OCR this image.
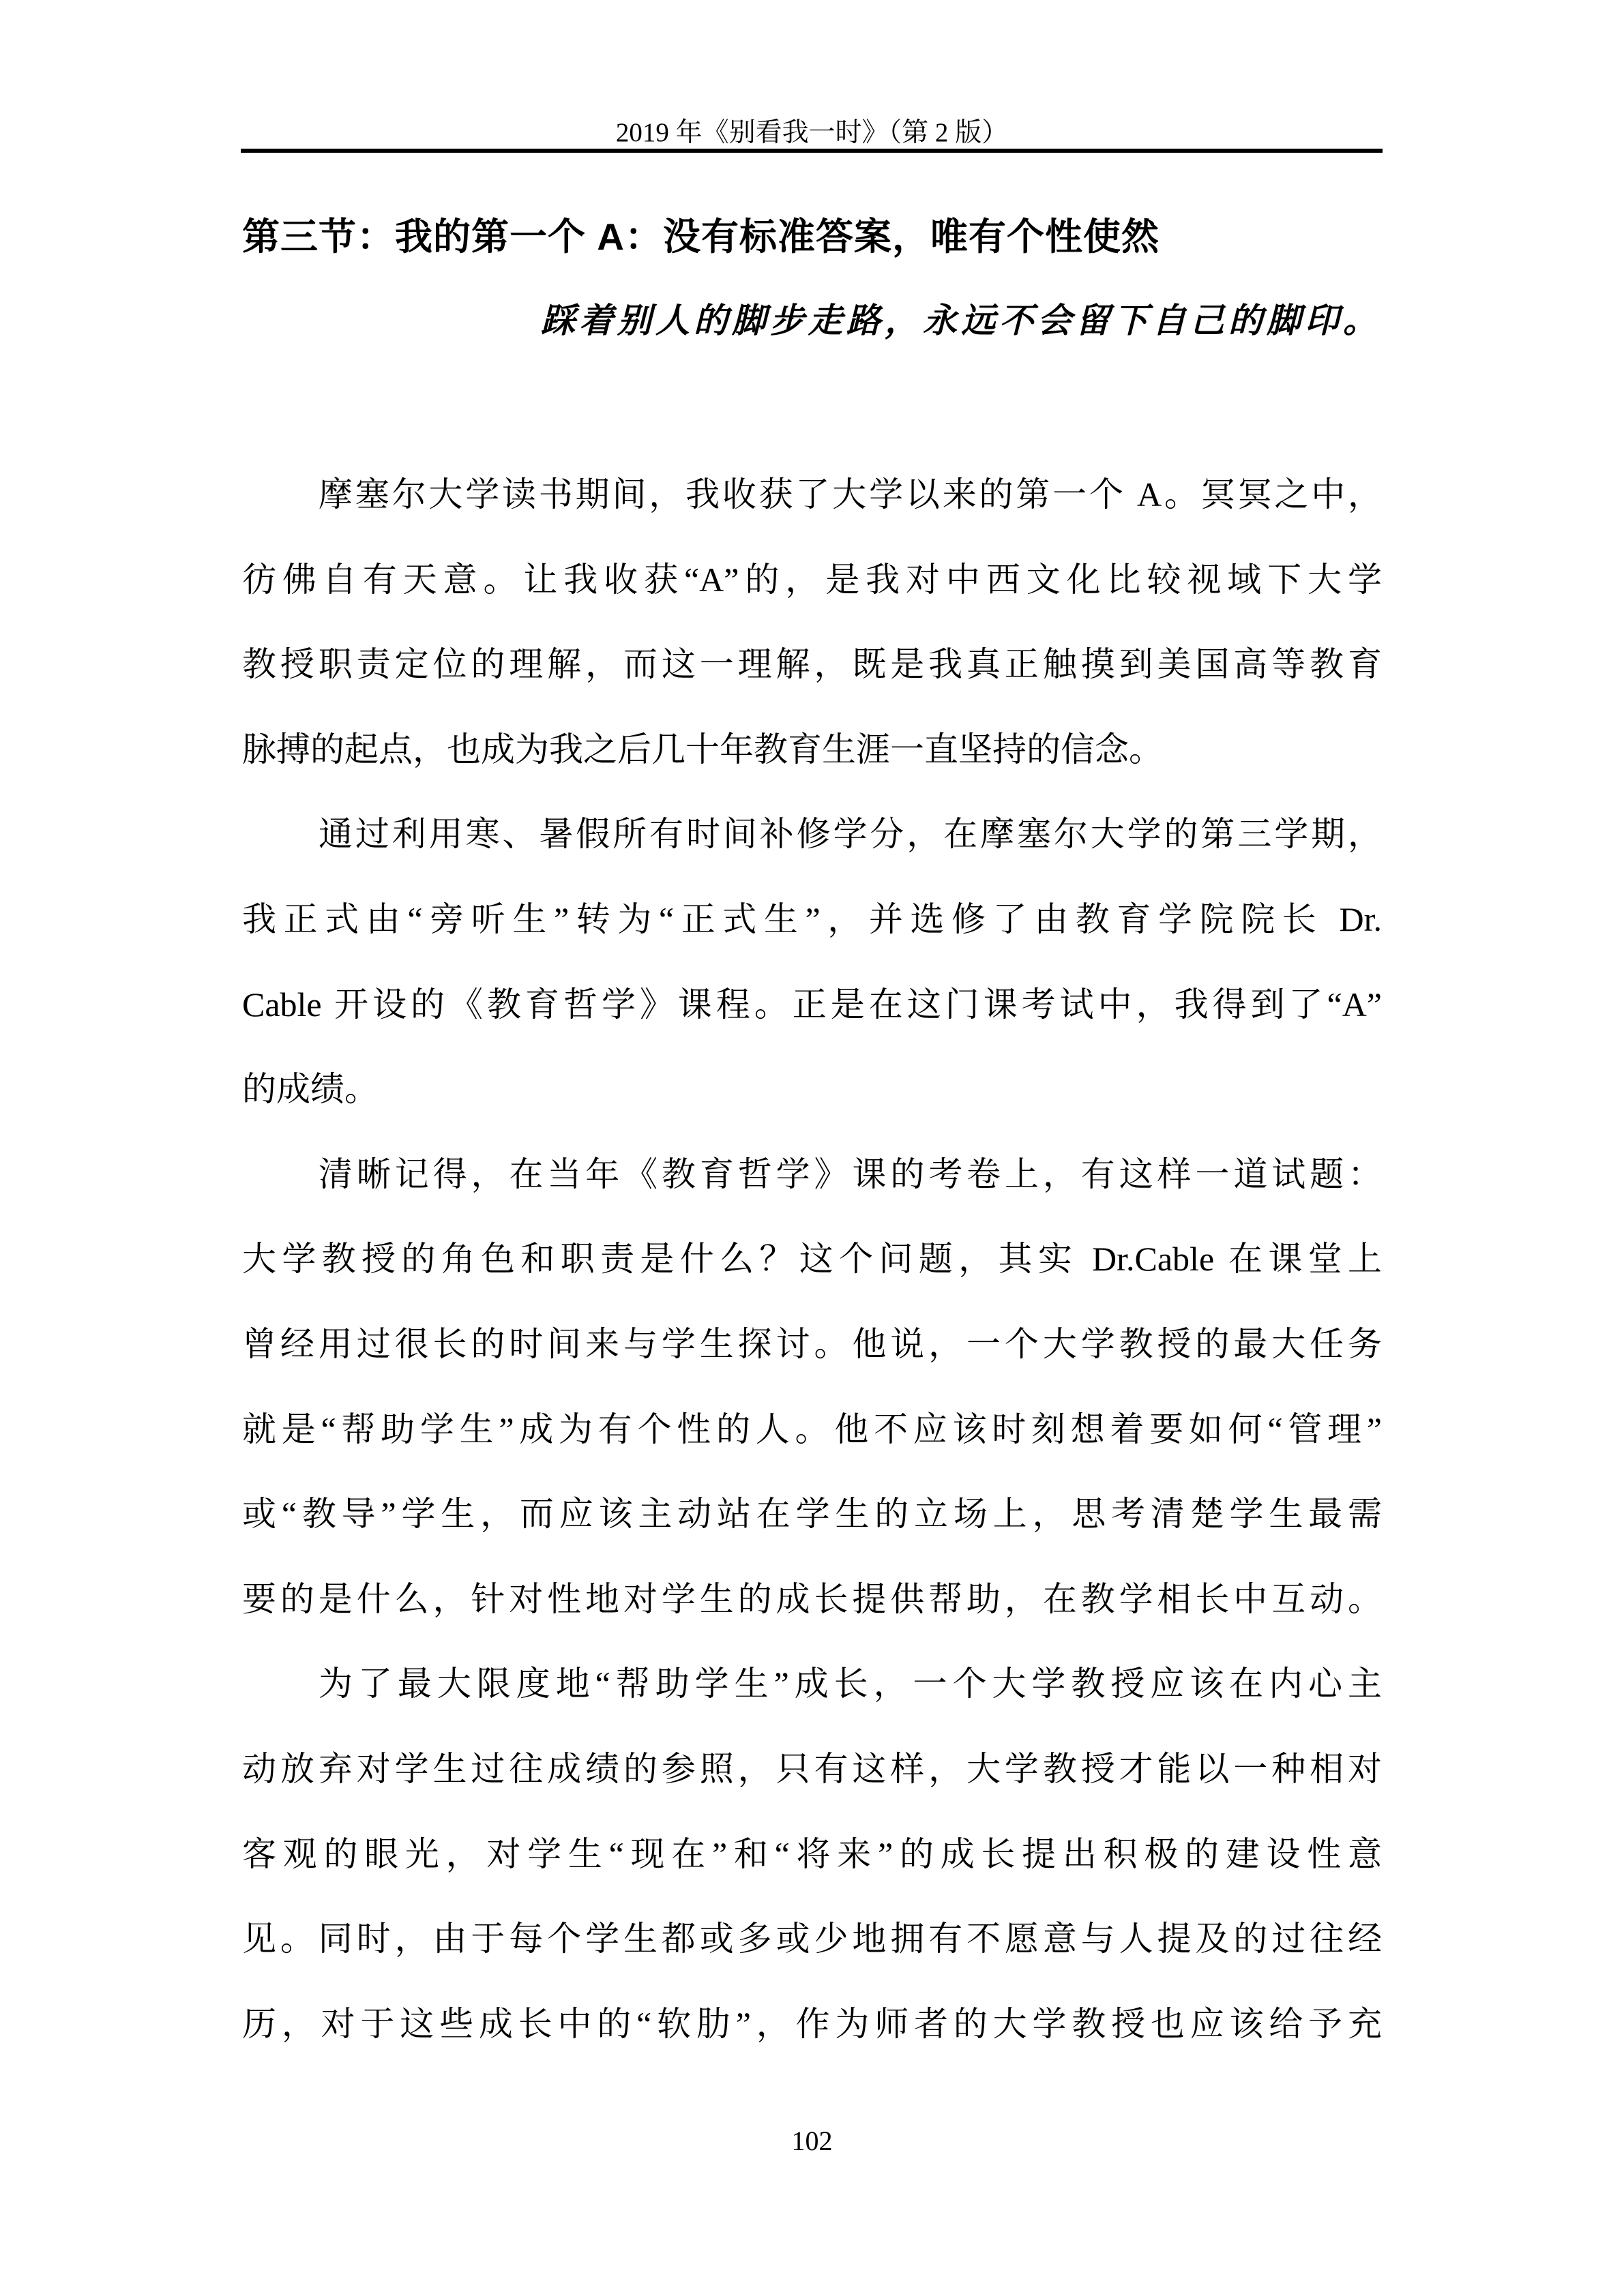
2019 年《别看我一时》（第 2 版）
第三节：我的第一个 A：没有标准答案，唯有个性使然
踩着别人的脚步走路，永远不会留下自己的脚印。
摩塞尔大学读书期间，我收获了大学以来的第一个 A。冥冥之中，
彷佛自有天意。让我收获“A”的，是我对中西文化比较视域下大学
教授职责定位的理解，而这一理解，既是我真正触摸到美国高等教育
脉搏的起点，也成为我之后几十年教育生涯一直坚持的信念。
通过利用寒、暑假所有时间补修学分，在摩塞尔大学的第三学期，
我正式由“旁听生”转为“正式生”，并选修了由教育学院院长 Dr.
Cable 开设的《教育哲学》课程。正是在这门课考试中，我得到了“A”
的成绩。
清晰记得，在当年《教育哲学》课的考卷上，有这样一道试题：
大学教授的角色和职责是什么？这个问题，其实 Dr.Cable 在课堂上
曾经用过很长的时间来与学生探讨。他说，一个大学教授的最大任务
就是“帮助学生”成为有个性的人。他不应该时刻想着要如何“管理”
或“教导”学生，而应该主动站在学生的立场上，思考清楚学生最需
要的是什么，针对性地对学生的成长提供帮助，在教学相长中互动。
为了最大限度地“帮助学生”成长，一个大学教授应该在内心主
动放弃对学生过往成绩的参照，只有这样，大学教授才能以一种相对
客观的眼光，对学生“现在”和“将来”的成长提出积极的建设性意
见。同时，由于每个学生都或多或少地拥有不愿意与人提及的过往经
历，对于这些成长中的“软肋”，作为师者的大学教授也应该给予充
102
